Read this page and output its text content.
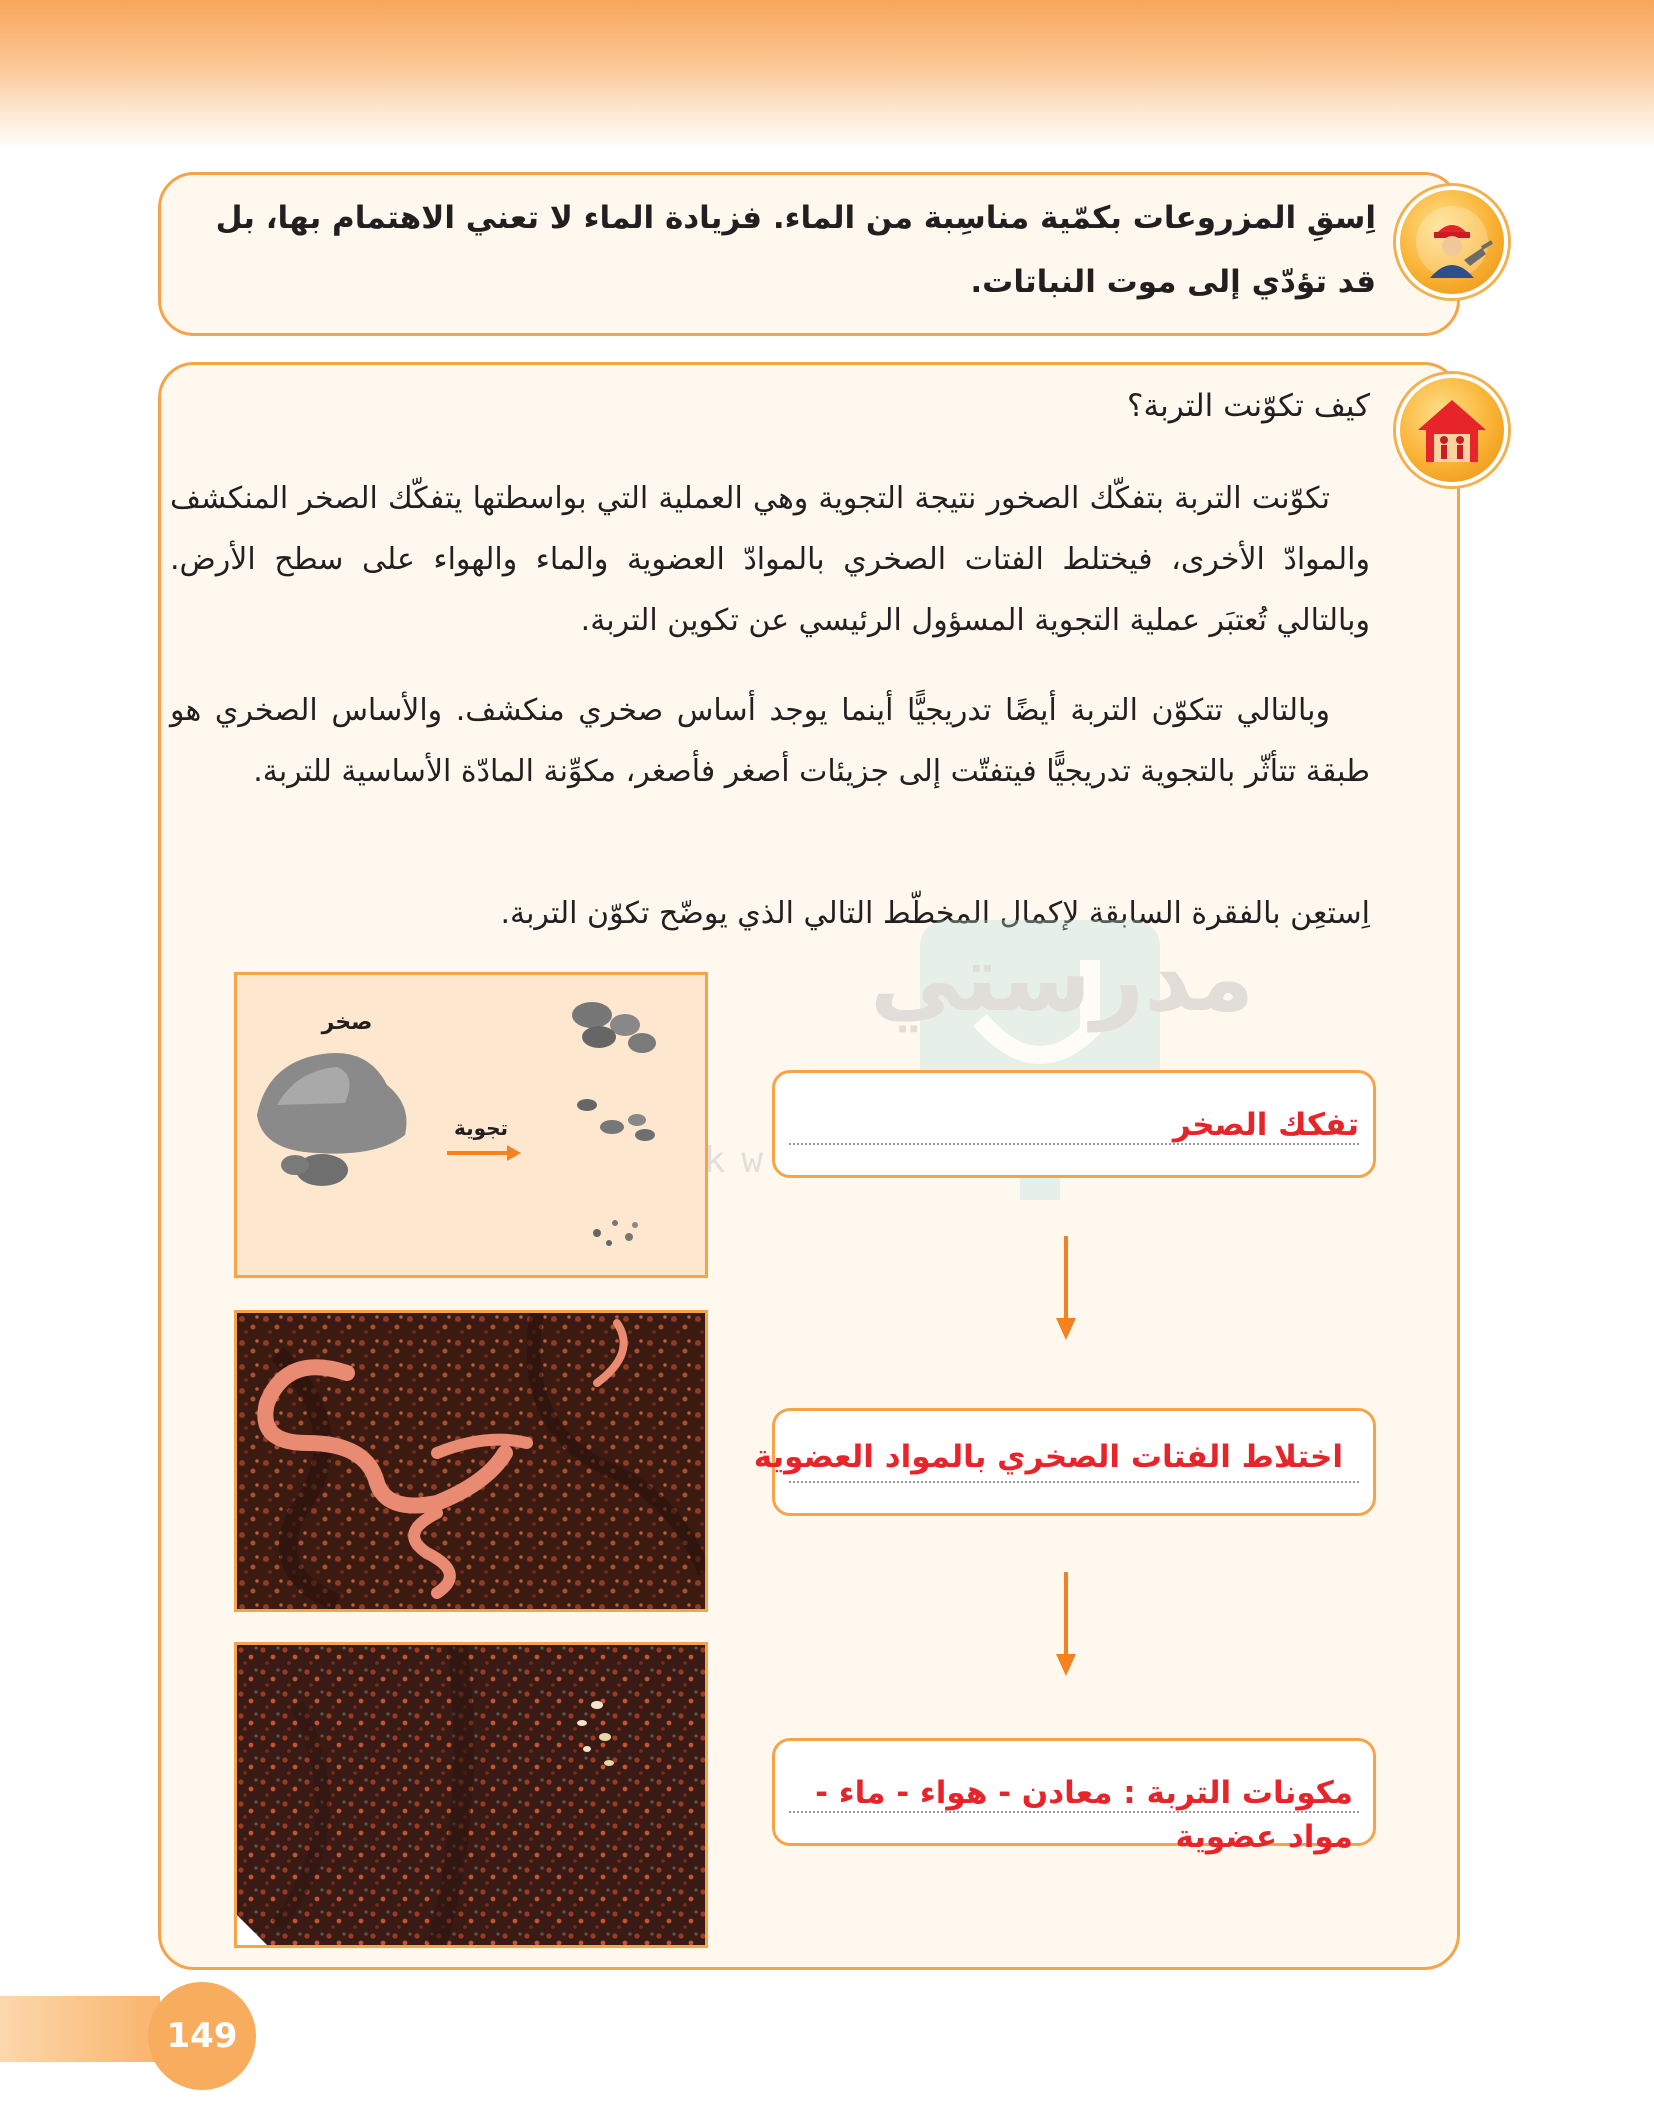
اِسقِ المزروعات بكمّية مناسِبة من الماء. فزيادة الماء لا تعني الاهتمام بها، بل قد تؤدّي إلى موت النباتات.
كيف تكوّنت التربة؟
تكوّنت التربة بتفكّك الصخور نتيجة التجوية وهي العملية التي بواسطتها يتفكّك الصخر المنكشف والموادّ الأخرى، فيختلط الفتات الصخري بالموادّ العضوية والماء والهواء على سطح الأرض. وبالتالي تُعتبَر عملية التجوية المسؤول الرئيسي عن تكوين التربة.
وبالتالي تتكوّن التربة أيضًا تدريجيًّا أينما يوجد أساس صخري منكشف. والأساس الصخري هو طبقة تتأثّر بالتجوية تدريجيًّا فيتفتّت إلى جزيئات أصغر فأصغر، مكوِّنة المادّة الأساسية للتربة.
اِستعِن بالفقرة السابقة لإكمال المخطّط التالي الذي يوضّح تكوّن التربة.
مدرستي
صخر
تجوية	تفكك الصخر
اختلاط الفتات الصخري بالمواد العضوية
مكونات التربة : معادن - هواء - ماء - مواد عضوية
149
